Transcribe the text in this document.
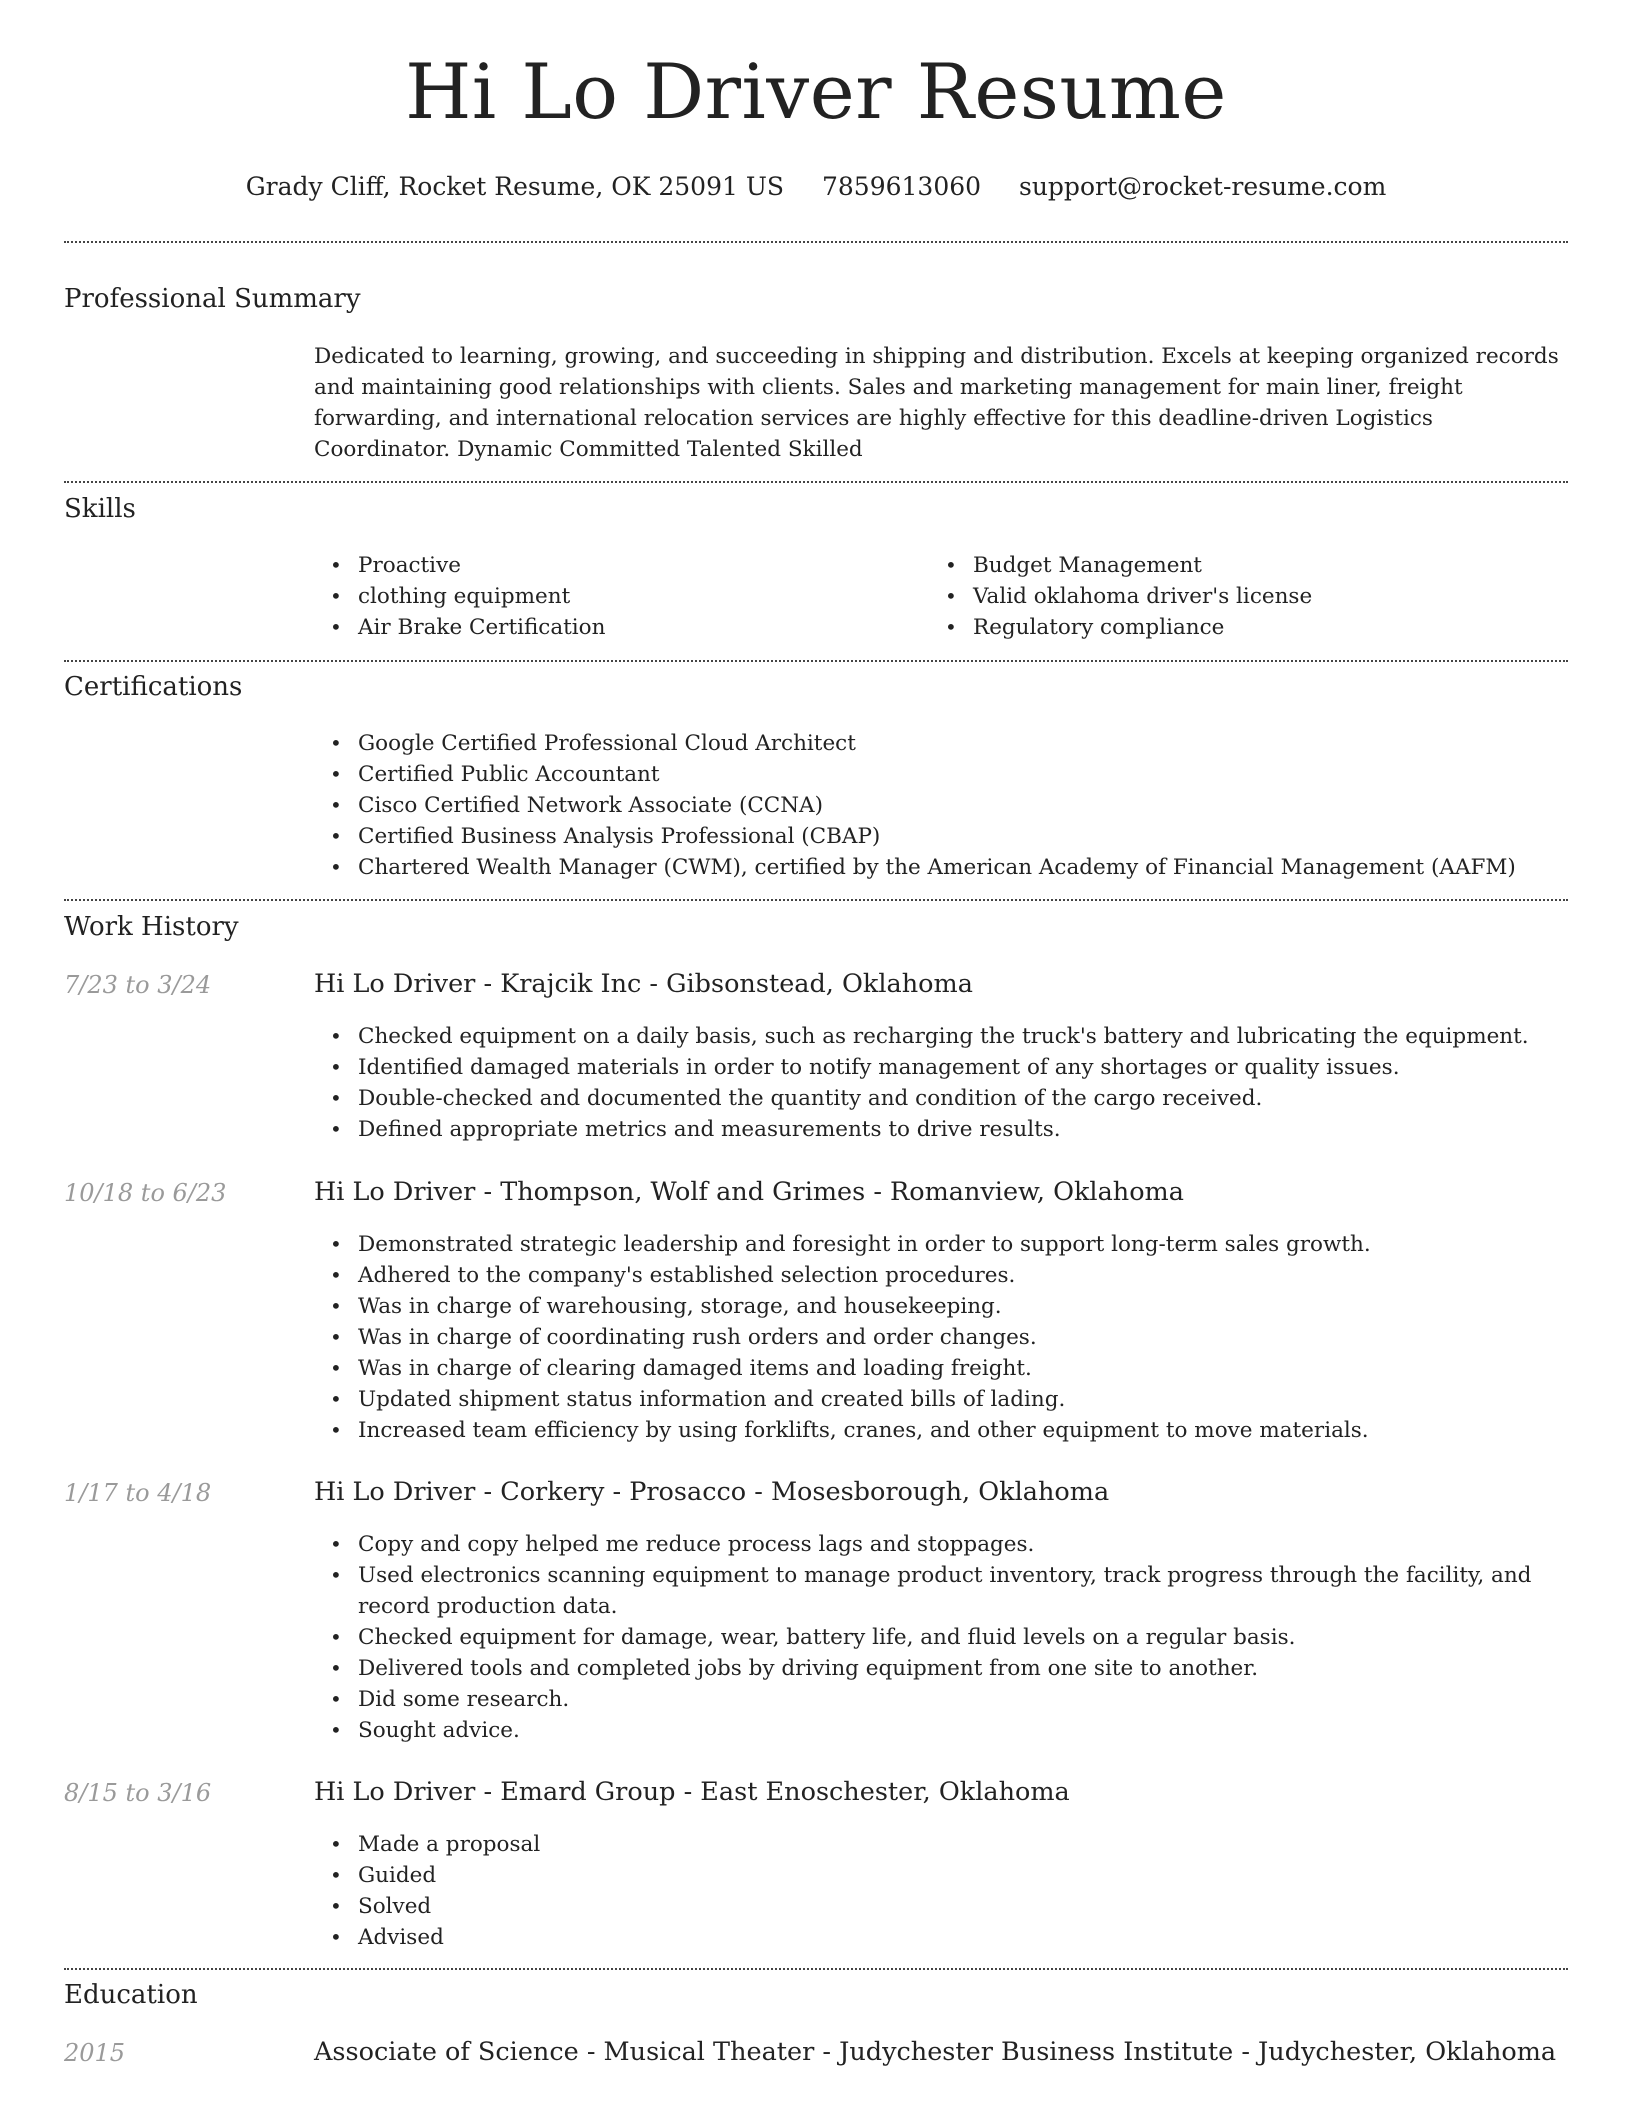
Hi Lo Driver Resume
Grady Cliff, Rocket Resume, OK 25091 US 7859613060 support@rocket-resume.com
Professional Summary

Dedicated to learning, growing, and succeeding in shipping and distribution. Excels at keeping organized records and maintaining good relationships with clients. Sales and marketing management for main liner, freight forwarding, and international relocation services are highly effective for this deadline-driven Logistics Coordinator. Dynamic Committed Talented Skilled

Skills
• Proactive
• clothing equipment
• Air Brake Certification
• Budget Management
• Valid oklahoma driver's license
• Regulatory compliance
Certifications
• Google Certified Professional Cloud Architect
• Certified Public Accountant
• Cisco Certified Network Associate (CCNA)
• Certified Business Analysis Professional (CBAP)
• Chartered Wealth Manager (CWM), certified by the American Academy of Financial Management (AAFM)
Work History
7/23 to 3/24	Hi Lo Driver - Krajcik Inc - Gibsonstead, Oklahoma
• Checked equipment on a daily basis, such as recharging the truck's battery and lubricating the equipment.
• Identified damaged materials in order to notify management of any shortages or quality issues.
• Double-checked and documented the quantity and condition of the cargo received.
• Defined appropriate metrics and measurements to drive results.
10/18 to 6/23	Hi Lo Driver - Thompson, Wolf and Grimes - Romanview, Oklahoma
• Demonstrated strategic leadership and foresight in order to support long-term sales growth.
• Adhered to the company's established selection procedures.
• Was in charge of warehousing, storage, and housekeeping.
• Was in charge of coordinating rush orders and order changes.
• Was in charge of clearing damaged items and loading freight.
• Updated shipment status information and created bills of lading.
• Increased team efficiency by using forklifts, cranes, and other equipment to move materials.
1/17 to 4/18	Hi Lo Driver - Corkery - Prosacco - Mosesborough, Oklahoma
• Copy and copy helped me reduce process lags and stoppages.
• Used electronics scanning equipment to manage product inventory, track progress through the facility, and record production data.
• Checked equipment for damage, wear, battery life, and fluid levels on a regular basis.
• Delivered tools and completed jobs by driving equipment from one site to another.
• Did some research.
• Sought advice.
8/15 to 3/16	Hi Lo Driver - Emard Group - East Enoschester, Oklahoma
• Made a proposal
• Guided
• Solved
• Advised
Education
2015	Associate of Science - Musical Theater - Judychester Business Institute - Judychester, Oklahoma
